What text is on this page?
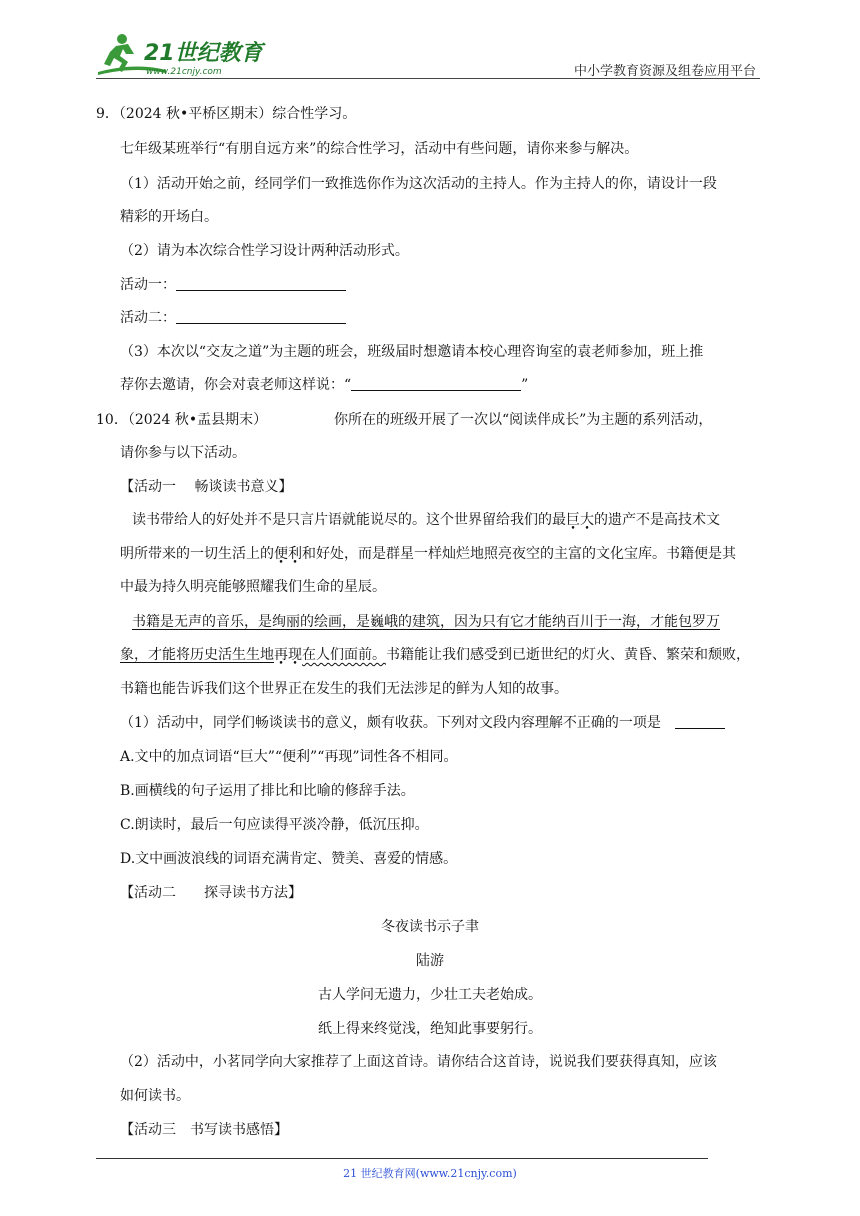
21世纪教育
www.21cnjy.com	中小学教育资源及组卷应用平台
9．（2024 秋•平桥区期末）综合性学习。
七年级某班举行“有朋自远方来”的综合性学习，活动中有些问题，请你来参与解决。
（1）活动开始之前，经同学们一致推选你作为这次活动的主持人。作为主持人的你，请设计一段
精彩的开场白。
（2）请为本次综合性学习设计两种活动形式。
活动一：
活动二：
（3）本次以“交友之道”为主题的班会，班级届时想邀请本校心理咨询室的袁老师参加，班上推
荐你去邀请，你会对袁老师这样说：“	”
10．（2024 秋•盂县期末）	你所在的班级开展了一次以“阅读伴成长”为主题的系列活动，
请你参与以下活动。
【活动一　 畅谈读书意义】
读书带给人的好处并不是只言片语就能说尽的。这个世界留给我们的最巨大的遗产不是高技术文
明所带来的一切生活上的便利和好处，而是群星一样灿烂地照亮夜空的主富的文化宝库。书籍便是其
中最为持久明亮能够照耀我们生命的星辰。
书籍是无声的音乐，是绚丽的绘画，是巍峨的建筑，因为只有它才能纳百川于一海，才能包罗万
象，才能将历史活生生地再现在人们面前。书籍能让我们感受到已逝世纪的灯火、黄昏、繁荣和颓败，
书籍也能告诉我们这个世界正在发生的我们无法涉足的鲜为人知的故事。
（1）活动中，同学们畅谈读书的意义，颇有收获。下列对文段内容理解不正确的一项是
A.文中的加点词语“巨大”“便利”“再现”词性各不相同。
B.画横线的句子运用了排比和比喻的修辞手法。
C.朗读时，最后一句应读得平淡冷静，低沉压抑。
D.文中画波浪线的词语充满肯定、赞美、喜爱的情感。
【活动二　　探寻读书方法】
冬夜读书示子聿
陆游
古人学问无遗力，少壮工夫老始成。
纸上得来终觉浅，绝知此事要躬行。
（2）活动中，小茗同学向大家推荐了上面这首诗。请你结合这首诗，说说我们要获得真知，应该
如何读书。
【活动三　书写读书感悟】
21 世纪教育网(www.21cnjy.com)
